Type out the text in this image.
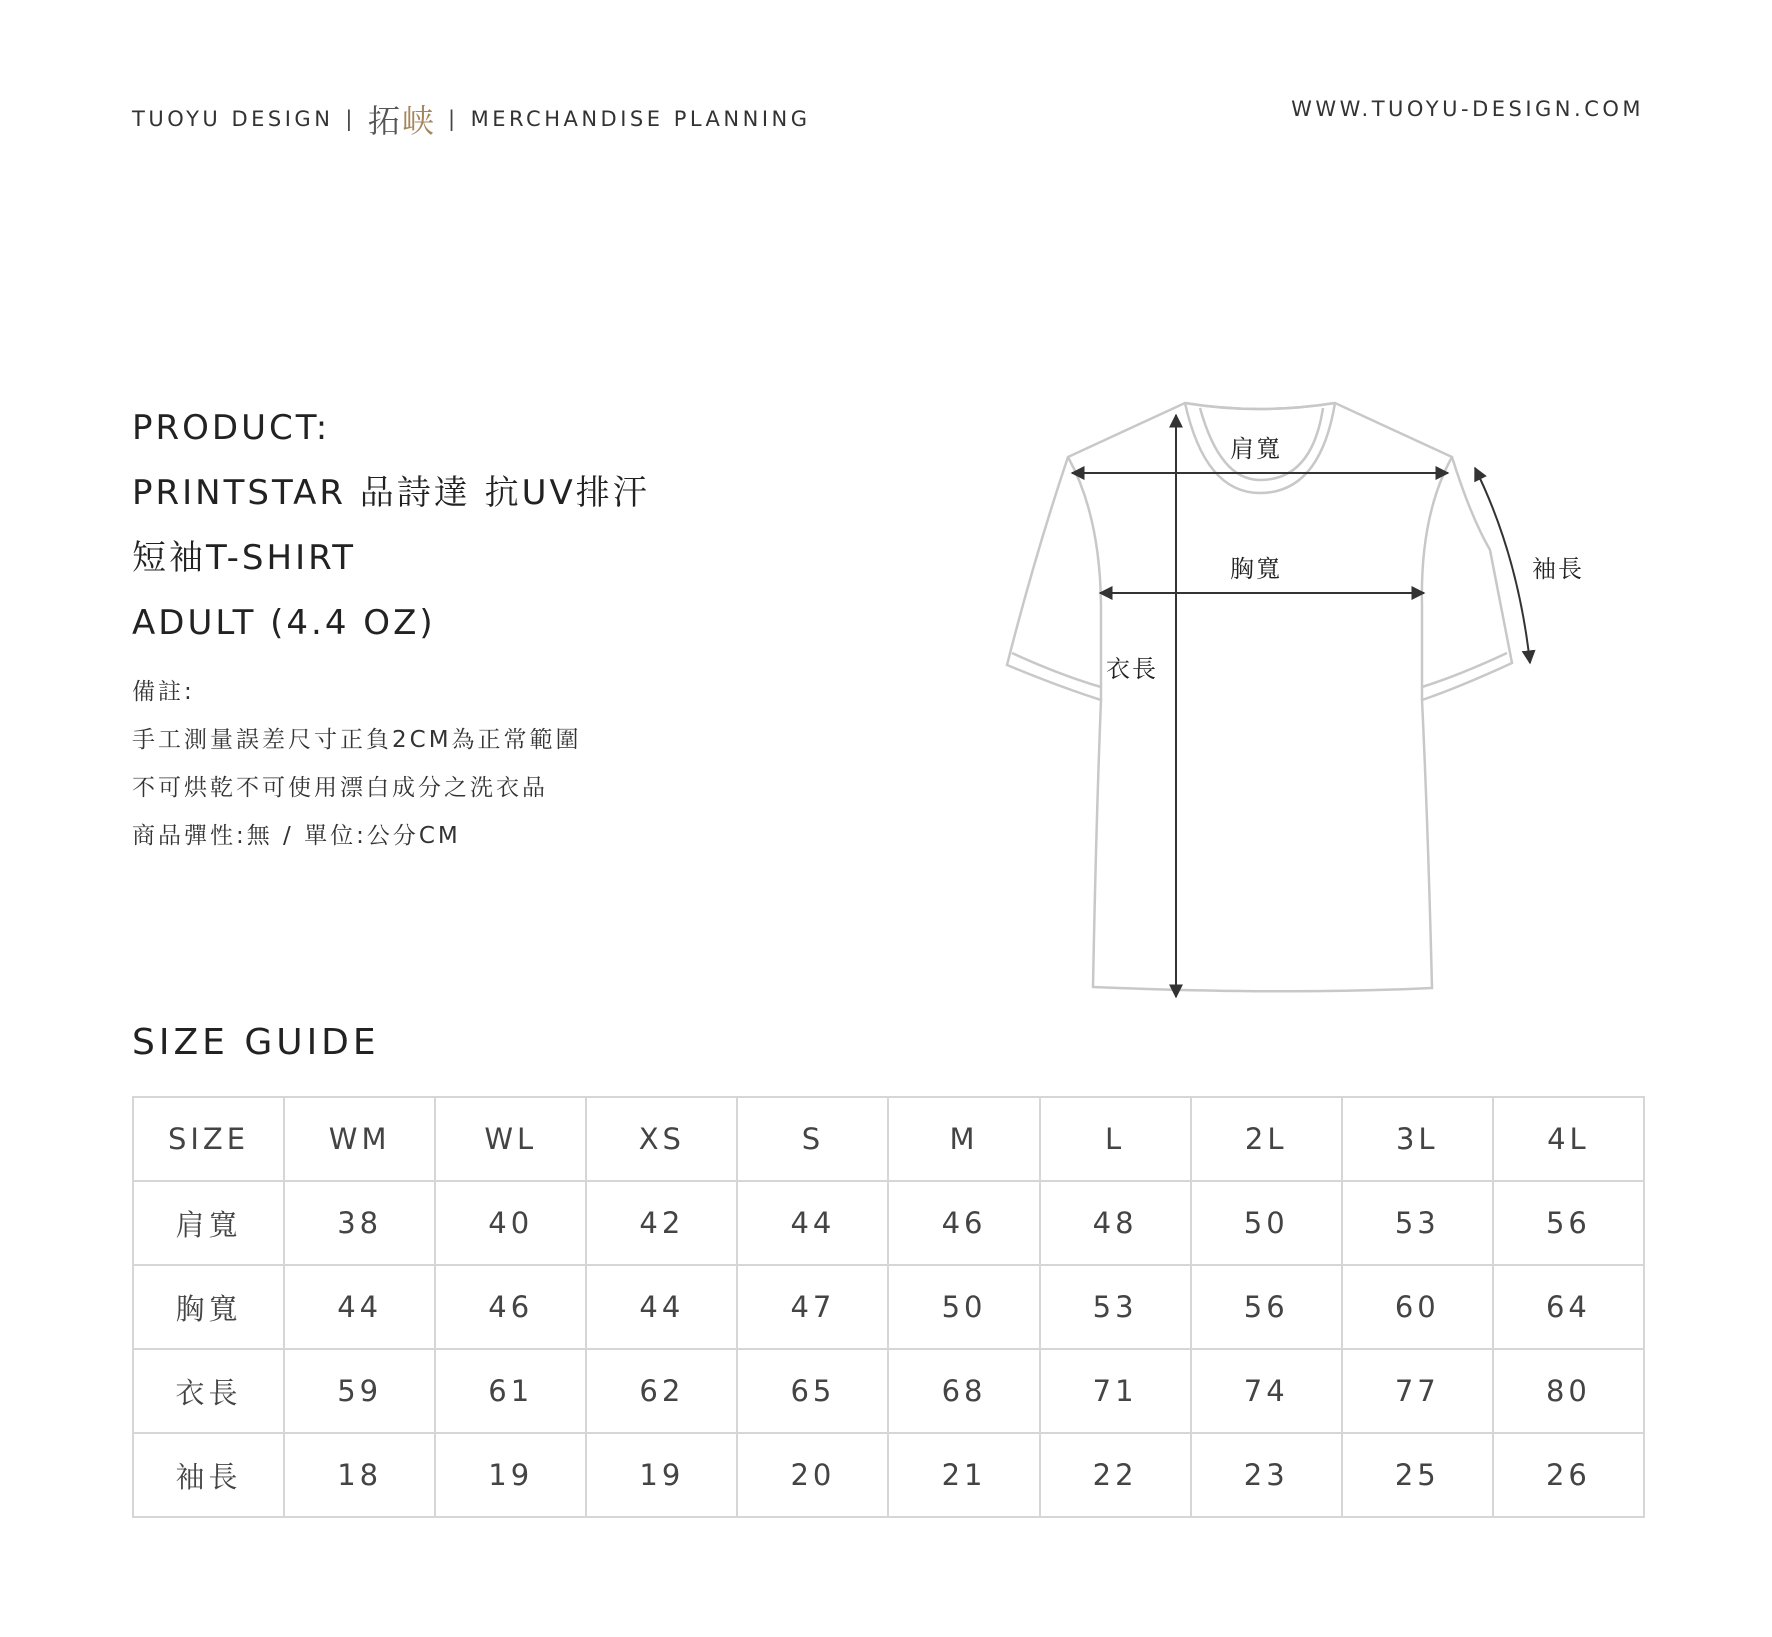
TUOYU DESIGN | 拓 峡 | MERCHANDISE PLANNING	WWW.TUOYU-DESIGN.COM
PRODUCT:
PRINTSTAR 品詩達 抗UV排汗
短袖T-SHIRT
ADULT (4.4 OZ)
備註:
手工測量誤差尺寸正負2CM為正常範圍
不可烘乾不可使用漂白成分之洗衣品
商品彈性:無 / 單位:公分CM
肩寬
胸寬
衣長
袖長
SIZE GUIDE
SIZE	WM	WL	XS	S	M	L	2L	3L	4L
肩寬	38	40	42	44	46	48	50	53	56
胸寬	44	46	44	47	50	53	56	60	64
衣長	59	61	62	65	68	71	74	77	80
袖長	18	19	19	20	21	22	23	25	26
